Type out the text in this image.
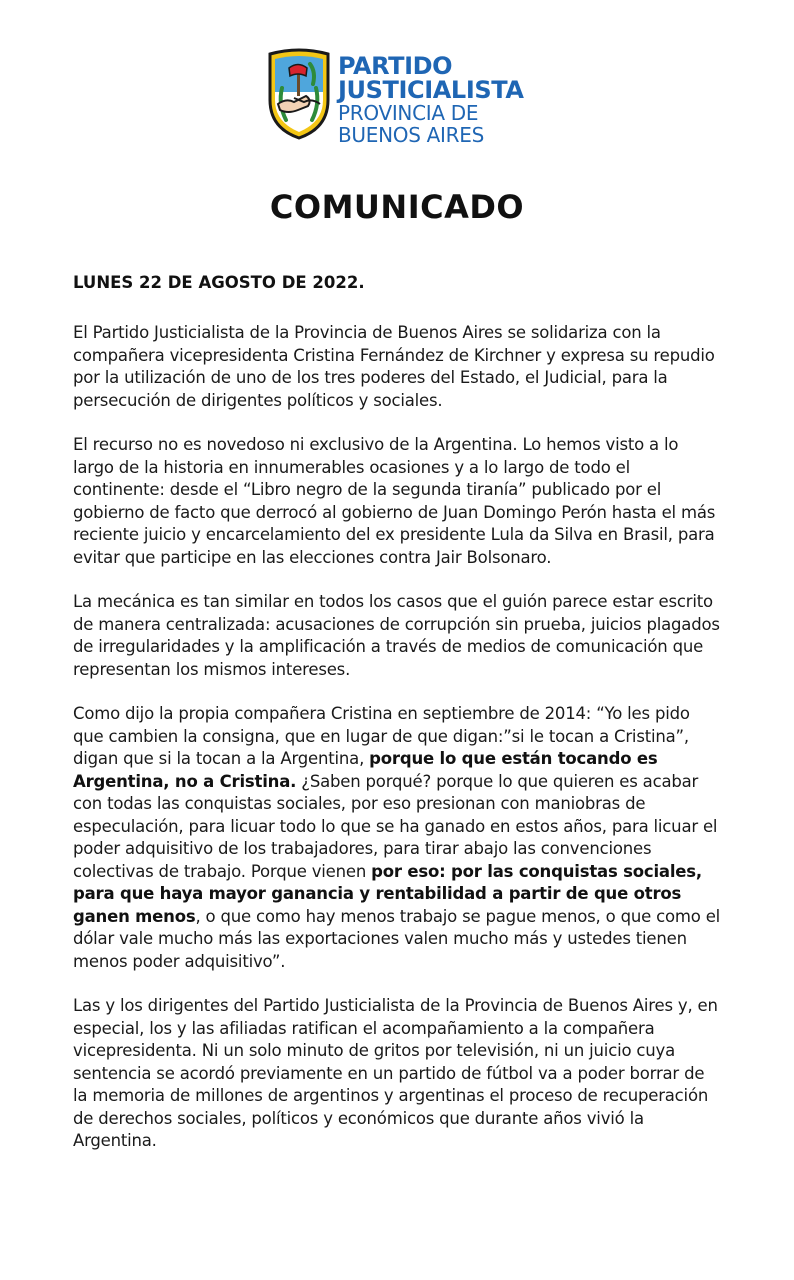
PARTIDO
JUSTICIALISTA
PROVINCIA DE
BUENOS AIRES
COMUNICADO
LUNES 22 DE AGOSTO DE 2022.

El Partido Justicialista de la Provincia de Buenos Aires se solidariza con la compañera vicepresidenta Cristina Fernández de Kirchner y expresa su repudio por la utilización de uno de los tres poderes del Estado, el Judicial, para la persecución de dirigentes políticos y sociales.

El recurso no es novedoso ni exclusivo de la Argentina. Lo hemos visto a lo largo de la historia en innumerables ocasiones y a lo largo de todo el continente: desde el “Libro negro de la segunda tiranía” publicado por el gobierno de facto que derrocó al gobierno de Juan Domingo Perón hasta el más reciente juicio y encarcelamiento del ex presidente Lula da Silva en Brasil, para evitar que participe en las elecciones contra Jair Bolsonaro.

La mecánica es tan similar en todos los casos que el guión parece estar escrito de manera centralizada: acusaciones de corrupción sin prueba, juicios plagados de irregularidades y la amplificación a través de medios de comunicación que representan los mismos intereses.

Como dijo la propia compañera Cristina en septiembre de 2014: “Yo les pido que cambien la consigna, que en lugar de que digan:”si le tocan a Cristina”, digan que si la tocan a la Argentina, porque lo que están tocando es Argentina, no a Cristina. ¿Saben porqué? porque lo que quieren es acabar con todas las conquistas sociales, por eso presionan con maniobras de especulación, para licuar todo lo que se ha ganado en estos años, para licuar el poder adquisitivo de los trabajadores, para tirar abajo las convenciones colectivas de trabajo. Porque vienen por eso: por las conquistas sociales, para que haya mayor ganancia y rentabilidad a partir de que otros ganen menos, o que como hay menos trabajo se pague menos, o que como el dólar vale mucho más las exportaciones valen mucho más y ustedes tienen menos poder adquisitivo”.

Las y los dirigentes del Partido Justicialista de la Provincia de Buenos Aires y, en especial, los y las afiliadas ratifican el acompañamiento a la compañera vicepresidenta. Ni un solo minuto de gritos por televisión, ni un juicio cuya sentencia se acordó previamente en un partido de fútbol va a poder borrar de la memoria de millones de argentinos y argentinas el proceso de recuperación de derechos sociales, políticos y económicos que durante años vivió la Argentina.
